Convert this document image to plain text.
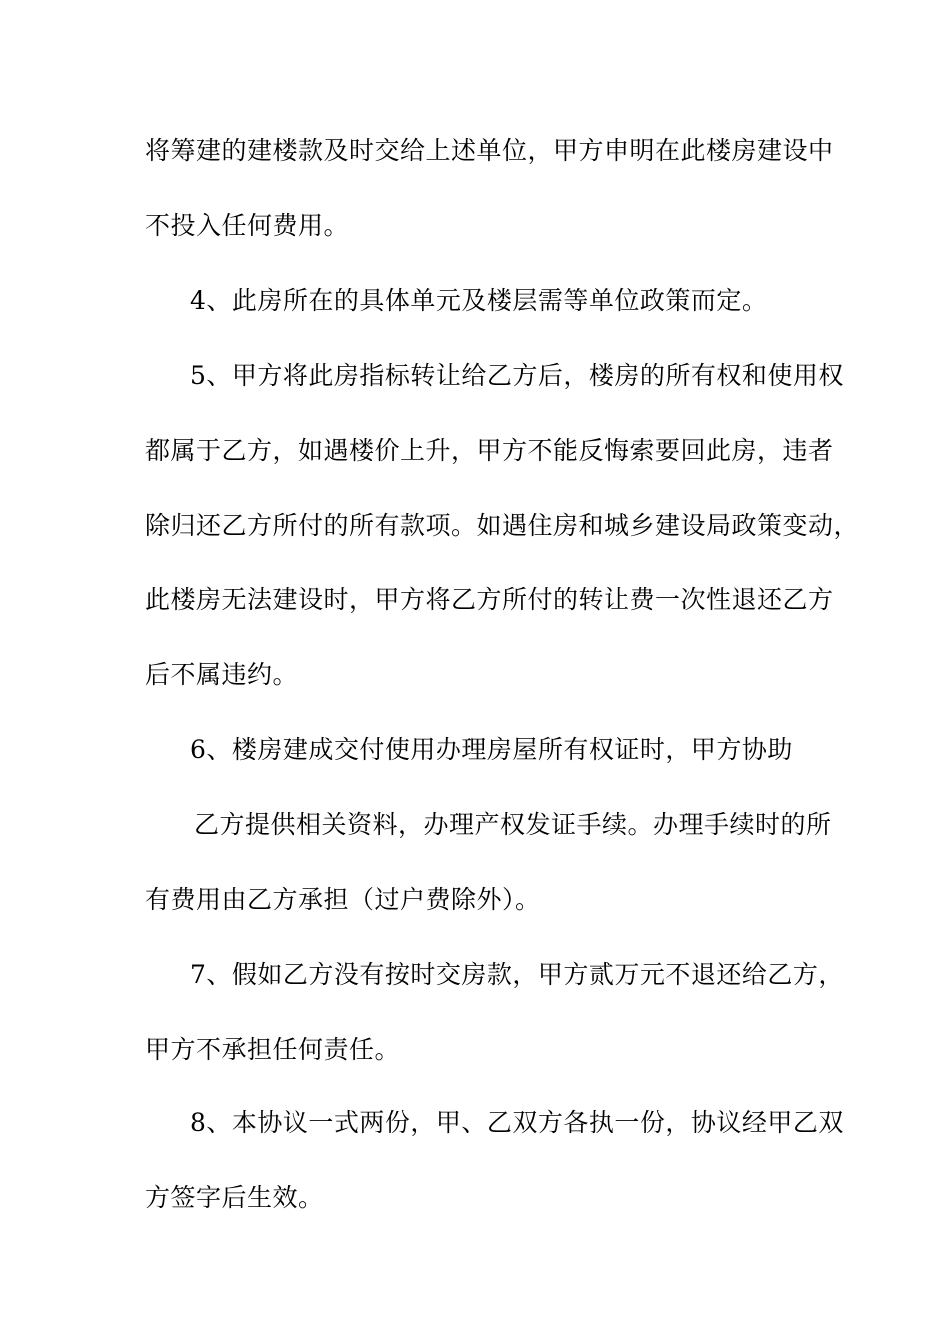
将筹建的建楼款及时交给上述单位，甲方申明在此楼房建设中
不投入任何费用。
4、此房所在的具体单元及楼层需等单位政策而定。
5、甲方将此房指标转让给乙方后，楼房的所有权和使用权
都属于乙方，如遇楼价上升，甲方不能反悔索要回此房，违者
除归还乙方所付的所有款项。如遇住房和城乡建设局政策变动，
此楼房无法建设时，甲方将乙方所付的转让费一次性退还乙方
后不属违约。
6、楼房建成交付使用办理房屋所有权证时，甲方协助
乙方提供相关资料，办理产权发证手续。办理手续时的所
有费用由乙方承担（过户费除外）。
7、假如乙方没有按时交房款，甲方贰万元不退还给乙方，
甲方不承担任何责任。
8、本协议一式两份，甲、乙双方各执一份，协议经甲乙双
方签字后生效。
